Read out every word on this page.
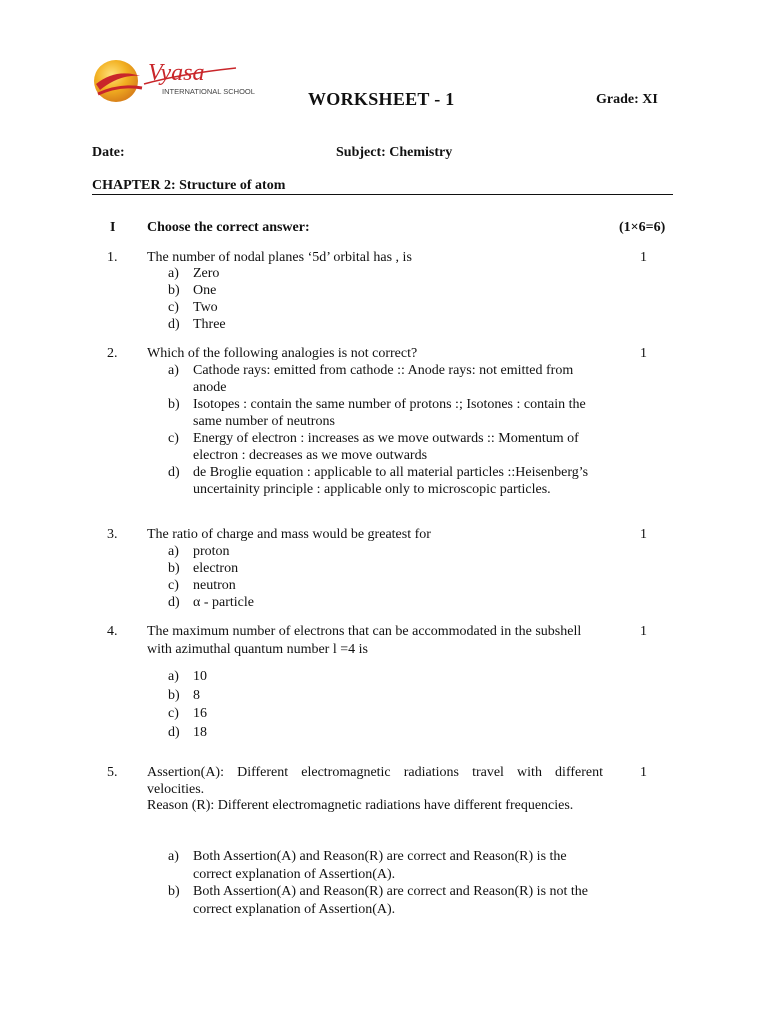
Vyasa
INTERNATIONAL SCHOOL	WORKSHEET - 1	Grade: XI
Date:	Subject: Chemistry
CHAPTER 2: Structure of atom
I Choose the correct answer:	(1×6=6)
1. The number of nodal planes ‘5d’ orbital has , is	1
a)	Zero
b) One
c)	Two
d) Three
2. Which of the following analogies is not correct?	1
a)	Cathode rays: emitted from cathode :: Anode rays: not emitted from anode
b) Isotopes : contain the same number of protons :; Isotones : contain the same number of neutrons
c)	Energy of electron : increases as we move outwards :: Momentum of electron : decreases as we move outwards
d) de Broglie equation : applicable to all material particles ::Heisenberg’s uncertainity principle : applicable only to microscopic particles.
3. The ratio of charge and mass would be greatest for	1
a)	proton
b) electron
c)	neutron
d) α - particle
4. The maximum number of electrons that can be accommodated in the subshell with azimuthal quantum number l =4 is
1
a)	10
b) 8
c)	16
d) 18
5. Assertion(A): Different electromagnetic radiations travel with different velocities.
Reason (R): Different electromagnetic radiations have different frequencies.
1
a)	Both Assertion(A) and Reason(R) are correct and Reason(R) is the correct explanation of Assertion(A).
b) Both Assertion(A) and Reason(R) are correct and Reason(R) is not the correct explanation of Assertion(A).
